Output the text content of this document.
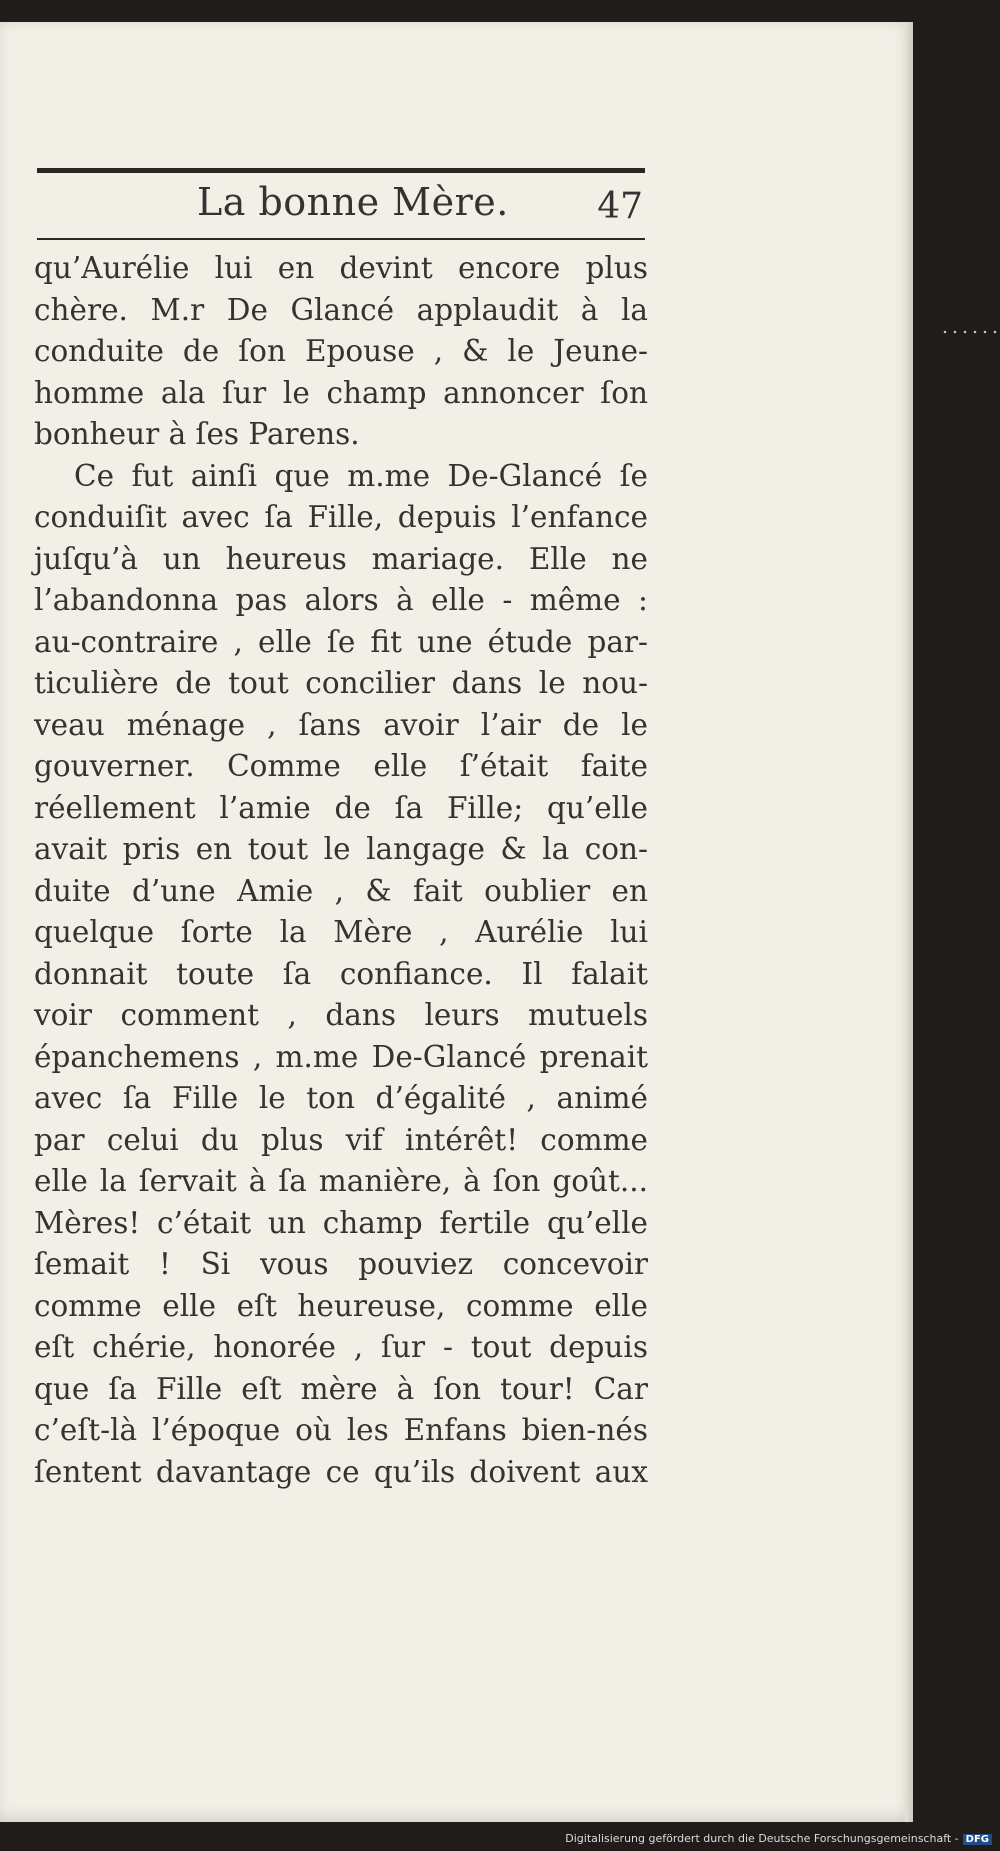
La bonne Mère. 47
qu’Aurélie lui en devint encore plus
chère. M.r De Glancé applaudit à la
conduite de ſon Epouse , & le Jeune-
homme ala ſur le champ annoncer ſon
bonheur à ſes Parens.
Ce fut ainſi que m.me De-Glancé ſe
conduiſit avec ſa Fille, depuis l’enfance
juſqu’à un heureus mariage. Elle ne
l’abandonna pas alors à elle - même :
au-contraire , elle ſe fit une étude par-
ticulière de tout concilier dans le nou-
veau ménage , ſans avoir l’air de le
gouverner. Comme elle ſ’était faite
réellement l’amie de ſa Fille; qu’elle
avait pris en tout le langage & la con-
duite d’une Amie , & fait oublier en
quelque ſorte la Mère , Aurélie lui
donnait toute ſa confiance. Il falait
voir comment , dans leurs mutuels
épanchemens , m.me De-Glancé prenait
avec ſa Fille le ton d’égalité , animé
par celui du plus vif intérêt! comme
elle la ſervait à ſa manière, à ſon goût...
Mères! c’était un champ fertile qu’elle
ſemait ! Si vous pouviez concevoir
comme elle eſt heureuse, comme elle
eſt chérie, honorée , ſur - tout depuis
que ſa Fille eſt mère à ſon tour! Car
c’eſt-là l’époque où les Enfans bien-nés
ſentent davantage ce qu’ils doivent aux
Digitalisierung gefördert durch die Deutsche Forschungsgemeinschaft - DFG
